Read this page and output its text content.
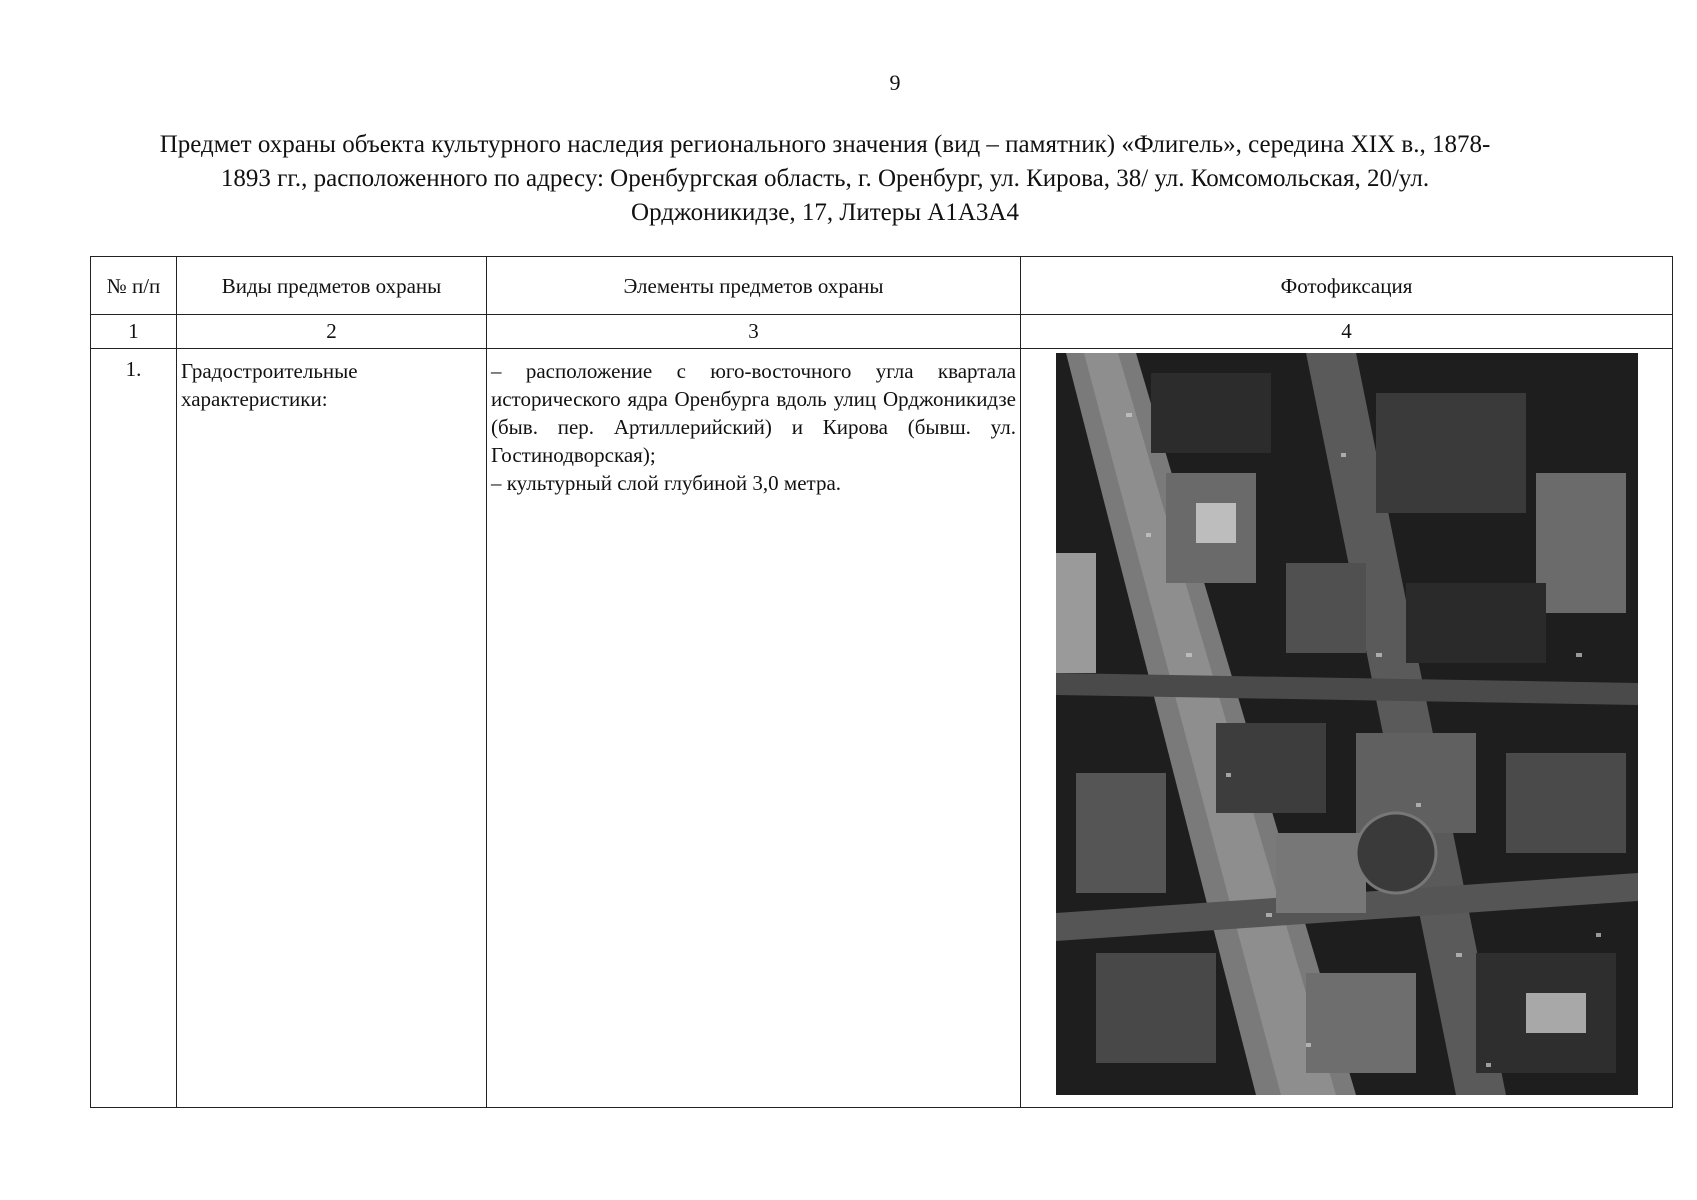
9
Предмет охраны объекта культурного наследия регионального значения (вид – памятник) «Флигель», середина XIX в., 1878-
1893 гг., расположенного по адресу: Оренбургская область, г. Оренбург, ул. Кирова, 38/ ул. Комсомольская, 20/ул.
Орджоникидзе, 17, Литеры А1А3А4
№ п/п	Виды предметов охраны	Элементы предметов охраны	Фотофиксация
1	2	3	4
1.	Градостроительные характеристики:	– расположение с юго-восточного угла квартала исторического ядра Оренбурга вдоль улиц Орджоникидзе (быв. пер. Артиллерийский) и Кирова (бывш. ул. Гостинодворская);

– культурный слой глубиной 3,0 метра.
